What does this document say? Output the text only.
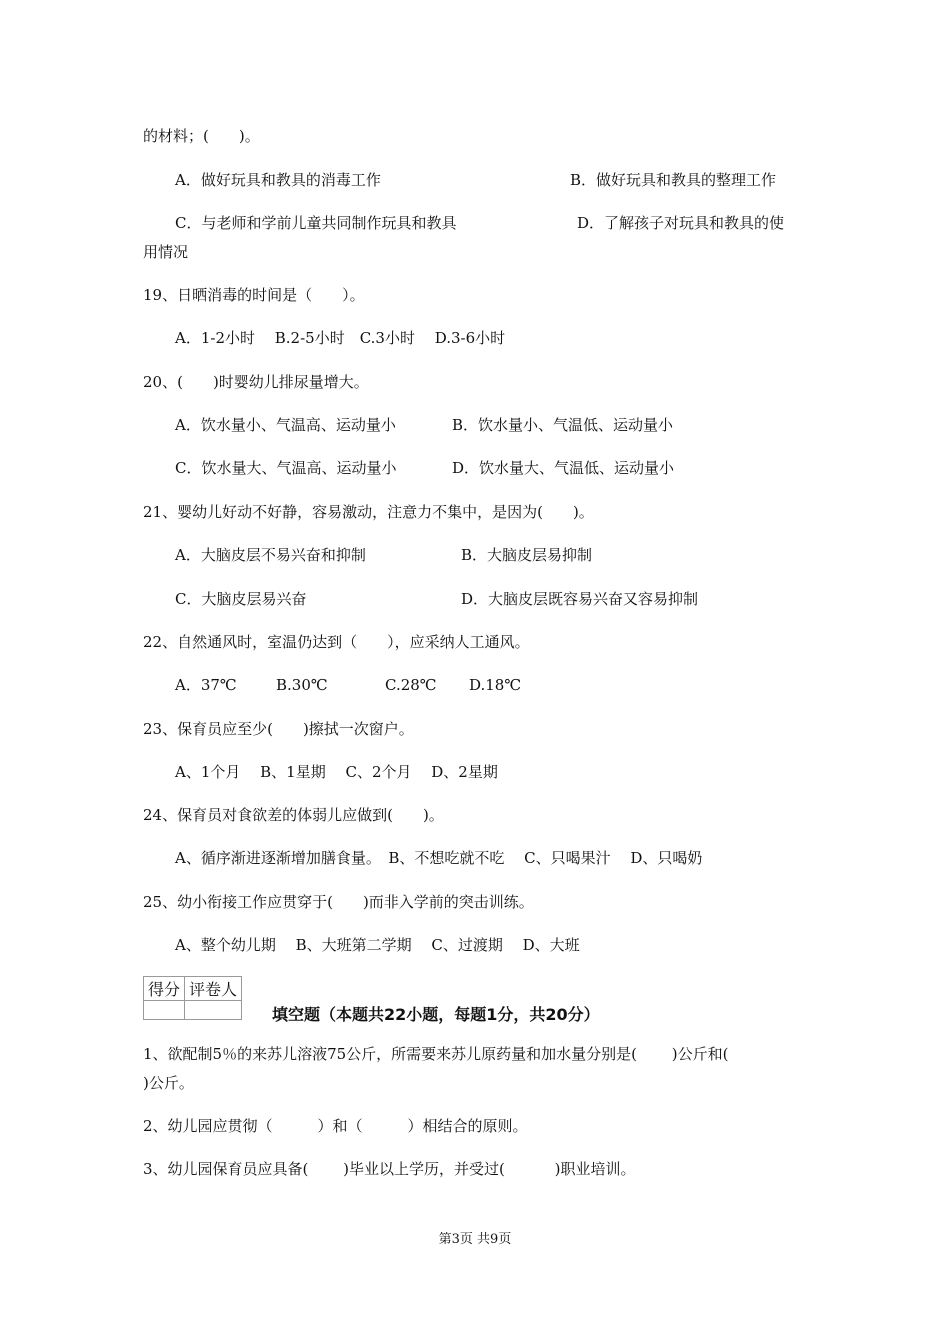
的材料；(　　)。
A．做好玩具和教具的消毒工作	B．做好玩具和教具的整理工作
C．与老师和学前儿童共同制作玩具和教具	D．了解孩子对玩具和教具的使
用情况
19、日晒消毒的时间是（　　）。
A．1-2小时　 B.2-5小时　C.3小时　 D.3-6小时
20、(　　)时婴幼儿排尿量增大。
A．饮水量小、气温高、运动量小	B．饮水量小、气温低、运动量小
C．饮水量大、气温高、运动量小	D．饮水量大、气温低、运动量小
21、婴幼儿好动不好静，容易激动，注意力不集中，是因为(　　)。
A．大脑皮层不易兴奋和抑制	B．大脑皮层易抑制
C．大脑皮层易兴奋	D．大脑皮层既容易兴奋又容易抑制
22、自然通风时，室温仍达到（　　），应采纳人工通风。
A．37℃	B.30℃	C.28℃ D.18℃
23、保育员应至少(　　)擦拭一次窗户。
A、1个月　 B、1星期　 C、2个月　 D、2星期
24、保育员对食欲差的体弱儿应做到(　　)。
A、循序渐进逐渐增加膳食量。　B、不想吃就不吃　 C、只喝果汁　 D、只喝奶
25、幼小衔接工作应贯穿于(　　)而非入学前的突击训练。
A、整个幼儿期　 B、大班第二学期　 C、过渡期　 D、大班
得分	评卷人

填空题（本题共22小题，每题1分，共20分）
1、欲配制5％的来苏儿溶液75公斤，所需要来苏儿原药量和加水量分别是(　　 )公斤和(
)公斤。
2、幼儿园应贯彻（　　　）和（　　　）相结合的原则。
3、幼儿园保育员应具备(　　 )毕业以上学历，并受过(　　　 )职业培训。
第3页 共9页
